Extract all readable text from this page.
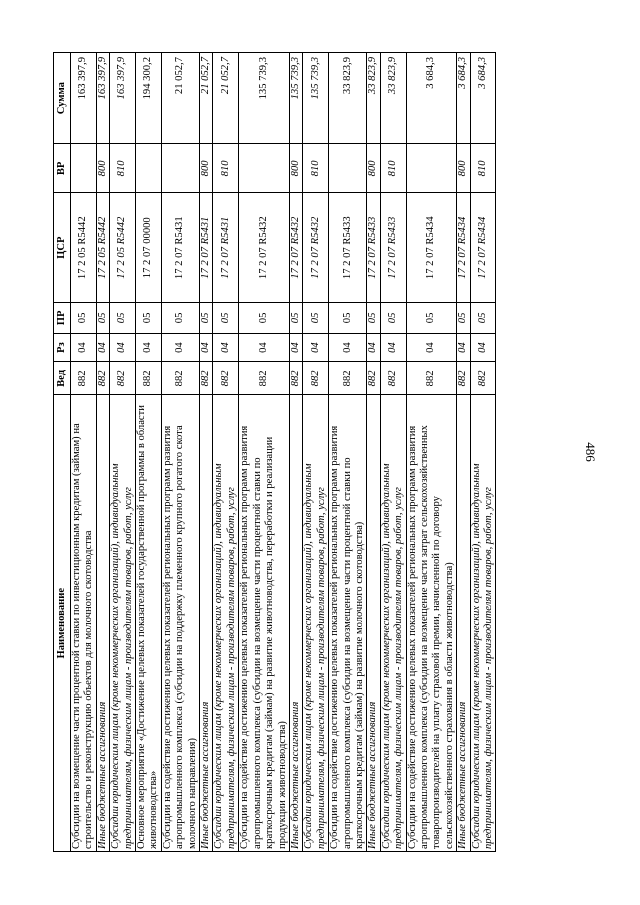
486
Наименование	Вед	Рз	ПР	ЦСР	ВР	Сумма
Субсидии на возмещение части процентной ставки по инвестиционным кредитам (займам) на строительство и реконструкцию объектов для молочного скотоводства	882	04	05	17 2 05 R5442		163 397,9
Иные бюджетные ассигнования	882	04	05	17 2 05 R5442	800	163 397,9
Субсидии юридическим лицам (кроме некоммерческих организаций), индивидуальным предпринимателям, физическим лицам - производителям товаров, работ, услуг	882	04	05	17 2 05 R5442	810	163 397,9
Основное мероприятие «Достижение целевых показателей государственной программы в области животноводства»	882	04	05	17 2 07 00000		194 300,2
Субсидии на содействие достижению целевых показателей региональных программ развития агропромышленного комплекса (субсидии на поддержку племенного крупного рогатого скота молочного направления)	882	04	05	17 2 07 R5431		21 052,7
Иные бюджетные ассигнования	882	04	05	17 2 07 R5431	800	21 052,7
Субсидии юридическим лицам (кроме некоммерческих организаций), индивидуальным предпринимателям, физическим лицам - производителям товаров, работ, услуг	882	04	05	17 2 07 R5431	810	21 052,7
Субсидии на содействие достижению целевых показателей региональных программ развития агропромышленного комплекса (субсидии на возмещение части процентной ставки по краткосрочным кредитам (займам) на развитие животноводства, переработки и реализации продукции животноводства)	882	04	05	17 2 07 R5432		135 739,3
Иные бюджетные ассигнования	882	04	05	17 2 07 R5432	800	135 739,3
Субсидии юридическим лицам (кроме некоммерческих организаций), индивидуальным предпринимателям, физическим лицам - производителям товаров, работ, услуг	882	04	05	17 2 07 R5432	810	135 739,3
Субсидии на содействие достижению целевых показателей региональных программ развития агропромышленного комплекса (субсидии на возмещение части процентной ставки по краткосрочным кредитам (займам) на развитие молочного скотоводства)	882	04	05	17 2 07 R5433		33 823,9
Иные бюджетные ассигнования	882	04	05	17 2 07 R5433	800	33 823,9
Субсидии юридическим лицам (кроме некоммерческих организаций), индивидуальным предпринимателям, физическим лицам - производителям товаров, работ, услуг	882	04	05	17 2 07 R5433	810	33 823,9
Субсидии на содействие достижению целевых показателей региональных программ развития агропромышленного комплекса (субсидии на возмещение части затрат сельскохозяйственных товаропроизводителей на уплату страховой премии, начисленной по договору сельскохозяйственного страхования в области животноводства)	882	04	05	17 2 07 R5434		3 684,3
Иные бюджетные ассигнования	882	04	05	17 2 07 R5434	800	3 684,3
Субсидии юридическим лицам (кроме некоммерческих организаций), индивидуальным предпринимателям, физическим лицам - производителям товаров, работ, услуг	882	04	05	17 2 07 R5434	810	3 684,3
